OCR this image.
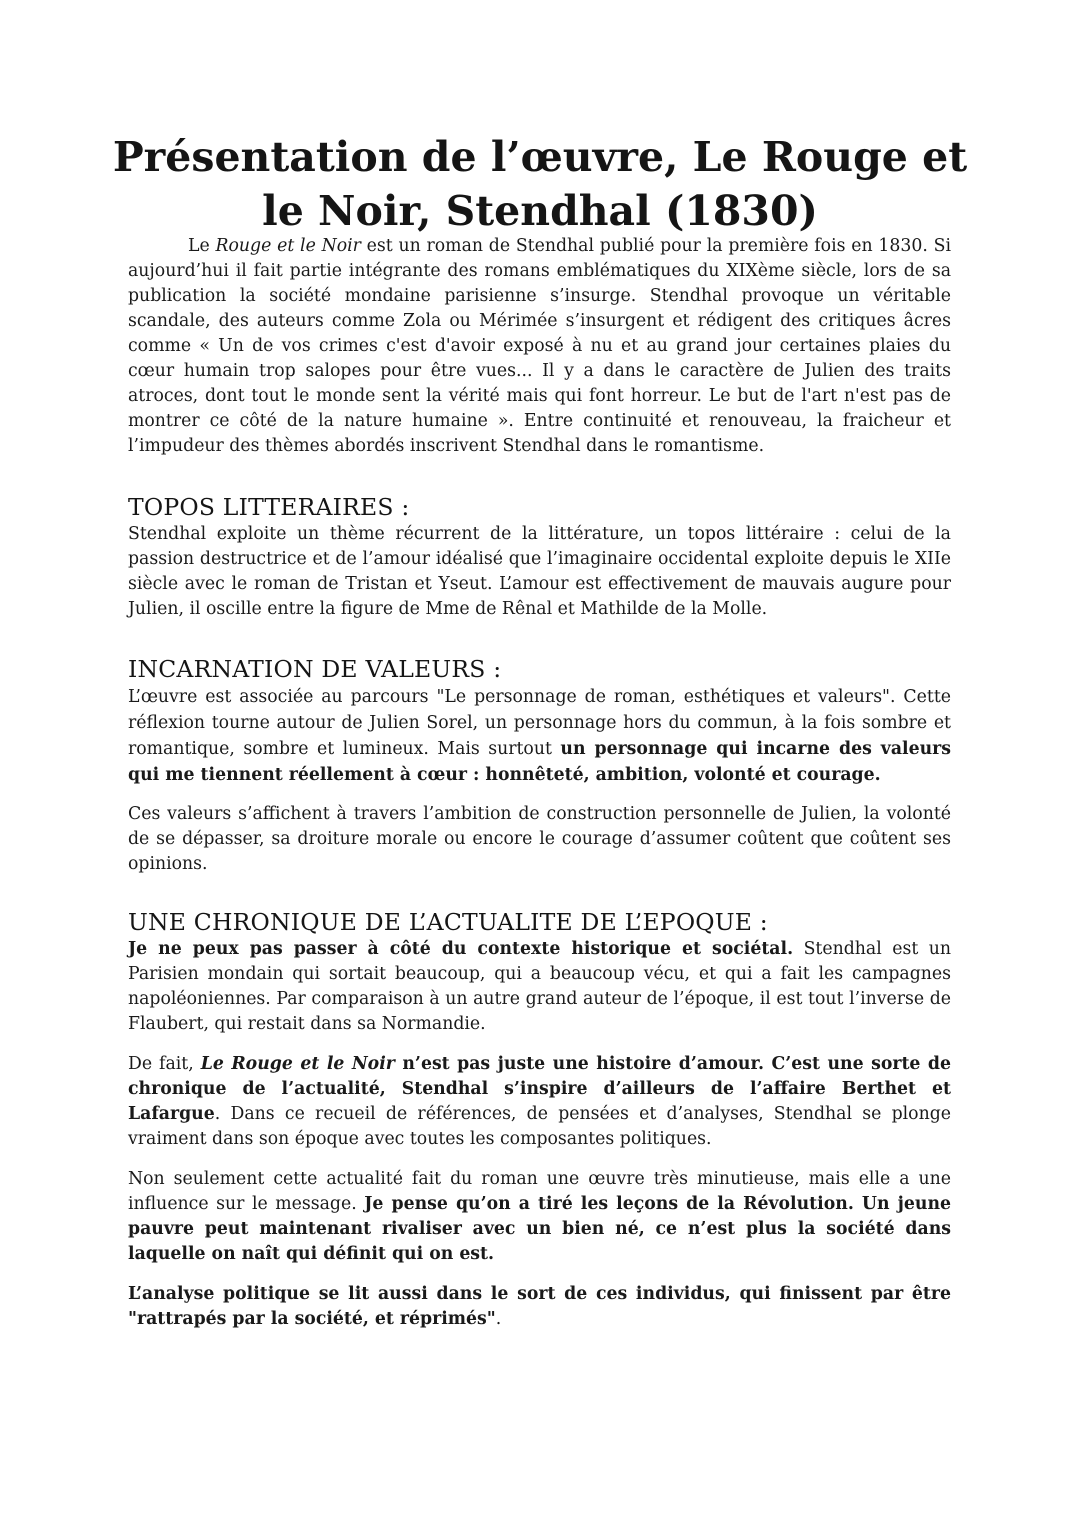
Présentation de l’œuvre, Le Rouge et
le Noir, Stendhal (1830)

Le Rouge et le Noir est un roman de Stendhal publié pour la première fois en 1830. Si aujourd’hui il fait partie intégrante des romans emblématiques du XIXème siècle, lors de sa publication la société mondaine parisienne s’insurge. Stendhal provoque un véritable scandale, des auteurs comme Zola ou Mérimée s’insurgent et rédigent des critiques âcres comme « Un de vos crimes c'est d'avoir exposé à nu et au grand jour certaines plaies du cœur humain trop salopes pour être vues... Il y a dans le caractère de Julien des traits atroces, dont tout le monde sent la vérité mais qui font horreur. Le but de l'art n'est pas de montrer ce côté de la nature humaine ». Entre continuité et renouveau, la fraicheur et l’impudeur des thèmes abordés inscrivent Stendhal dans le romantisme.

TOPOS LITTERAIRES :

Stendhal exploite un thème récurrent de la littérature, un topos littéraire : celui de la passion destructrice et de l’amour idéalisé que l’imaginaire occidental exploite depuis le XIIe siècle avec le roman de Tristan et Yseut. L’amour est effectivement de mauvais augure pour Julien, il oscille entre la figure de Mme de Rênal et Mathilde de la Molle.

INCARNATION DE VALEURS :

L’œuvre est associée au parcours "Le personnage de roman, esthétiques et valeurs". Cette réflexion tourne autour de Julien Sorel, un personnage hors du commun, à la fois sombre et romantique, sombre et lumineux. Mais surtout un personnage qui incarne des valeurs qui me tiennent réellement à cœur : honnêteté, ambition, volonté et courage.

Ces valeurs s’affichent à travers l’ambition de construction personnelle de Julien, la volonté de se dépasser, sa droiture morale ou encore le courage d’assumer coûtent que coûtent ses opinions.

UNE CHRONIQUE DE L’ACTUALITE DE L’EPOQUE :

Je ne peux pas passer à côté du contexte historique et sociétal. Stendhal est un Parisien mondain qui sortait beaucoup, qui a beaucoup vécu, et qui a fait les campagnes napoléoniennes. Par comparaison à un autre grand auteur de l’époque, il est tout l’inverse de Flaubert, qui restait dans sa Normandie.

De fait, Le Rouge et le Noir n’est pas juste une histoire d’amour. C’est une sorte de chronique de l’actualité, Stendhal s’inspire d’ailleurs de l’affaire Berthet et Lafargue. Dans ce recueil de références, de pensées et d’analyses, Stendhal se plonge vraiment dans son époque avec toutes les composantes politiques.

Non seulement cette actualité fait du roman une œuvre très minutieuse, mais elle a une influence sur le message. Je pense qu’on a tiré les leçons de la Révolution. Un jeune pauvre peut maintenant rivaliser avec un bien né, ce n’est plus la société dans laquelle on naît qui définit qui on est.

L’analyse politique se lit aussi dans le sort de ces individus, qui finissent par être "rattrapés par la société, et réprimés".
